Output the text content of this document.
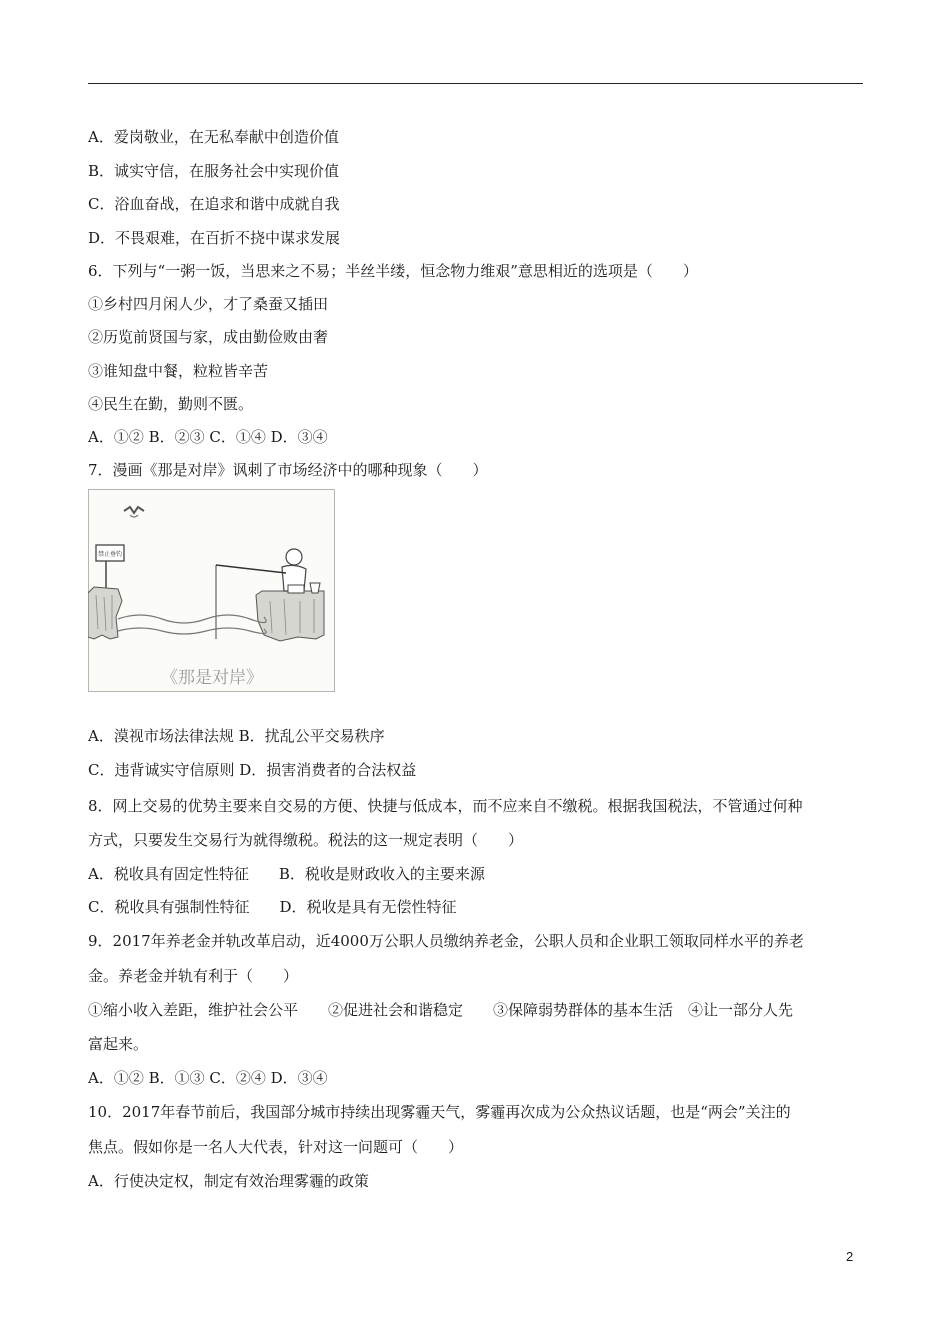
A．爱岗敬业，在无私奉献中创造价值
B．诚实守信，在服务社会中实现价值
C．浴血奋战，在追求和谐中成就自我
D．不畏艰难，在百折不挠中谋求发展
6．下列与“一粥一饭，当思来之不易；半丝半缕，恒念物力维艰”意思相近的选项是（　　）
①乡村四月闲人少，才了桑蚕又插田
②历览前贤国与家，成由勤俭败由奢
③谁知盘中餐，粒粒皆辛苦
④民生在勤，勤则不匮。
A．①② B．②③ C．①④ D．③④
7．漫画《那是对岸》讽刺了市场经济中的哪种现象（　　）
禁止垂钓
《那是对岸》
A．漠视市场法律法规 B．扰乱公平交易秩序
C．违背诚实守信原则 D．损害消费者的合法权益
8．网上交易的优势主要来自交易的方便、快捷与低成本，而不应来自不缴税。根据我国税法，不管通过何种
方式，只要发生交易行为就得缴税。税法的这一规定表明（　　）
A．税收具有固定性特征　　B．税收是财政收入的主要来源
C．税收具有强制性特征　　D．税收是具有无偿性特征
9．2017年养老金并轨改革启动，近4000万公职人员缴纳养老金，公职人员和企业职工领取同样水平的养老
金。养老金并轨有利于（　　）
①缩小收入差距，维护社会公平　　②促进社会和谐稳定　　③保障弱势群体的基本生活　④让一部分人先
富起来。
A．①② B．①③ C．②④ D．③④
10．2017年春节前后，我国部分城市持续出现雾霾天气，雾霾再次成为公众热议话题，也是“两会”关注的
焦点。假如你是一名人大代表，针对这一问题可（　　）
A．行使决定权，制定有效治理雾霾的政策
2
